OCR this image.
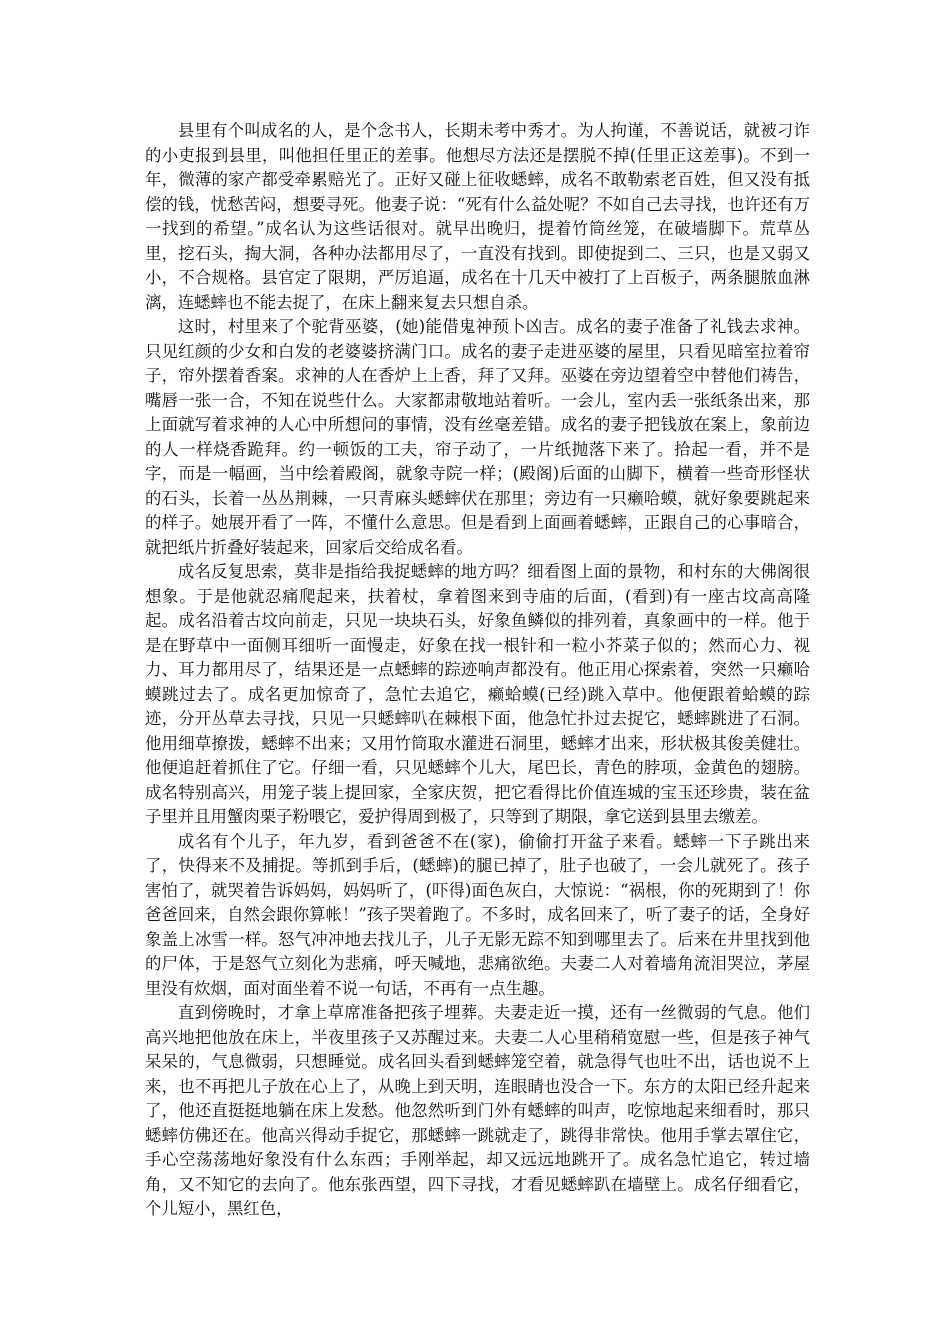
县里有个叫成名的人，是个念书人，长期未考中秀才。为人拘谨，不善说话，就被刁诈的小吏报到县里，叫他担任里正的差事。他想尽方法还是摆脱不掉(任里正这差事)。不到一年，微薄的家产都受牵累赔光了。正好又碰上征收蟋蟀，成名不敢勒索老百姓，但又没有抵偿的钱，忧愁苦闷，想要寻死。他妻子说：“死有什么益处呢？不如自己去寻找，也许还有万一找到的希望。”成名认为这些话很对。就早出晚归，提着竹筒丝笼，在破墙脚下。荒草丛里，挖石头，掏大洞，各种办法都用尽了，一直没有找到。即使捉到二、三只，也是又弱又小，不合规格。县官定了限期，严厉追逼，成名在十几天中被打了上百板子，两条腿脓血淋漓，连蟋蟀也不能去捉了，在床上翻来复去只想自杀。

这时，村里来了个驼背巫婆，(她)能借鬼神预卜凶吉。成名的妻子准备了礼钱去求神。只见红颜的少女和白发的老婆婆挤满门口。成名的妻子走进巫婆的屋里，只看见暗室拉着帘子，帘外摆着香案。求神的人在香炉上上香，拜了又拜。巫婆在旁边望着空中替他们祷告，嘴唇一张一合，不知在说些什么。大家都肃敬地站着听。一会儿，室内丢一张纸条出来，那上面就写着求神的人心中所想问的事情，没有丝毫差错。成名的妻子把钱放在案上，象前边的人一样烧香跪拜。约一顿饭的工夫，帘子动了，一片纸抛落下来了。拾起一看，并不是字，而是一幅画，当中绘着殿阁，就象寺院一样；(殿阁)后面的山脚下，横着一些奇形怪状的石头，长着一丛丛荆棘，一只青麻头蟋蟀伏在那里；旁边有一只癞哈蟆，就好象要跳起来的样子。她展开看了一阵，不懂什么意思。但是看到上面画着蟋蟀，正跟自己的心事暗合，就把纸片折叠好装起来，回家后交给成名看。

成名反复思索，莫非是指给我捉蟋蟀的地方吗？细看图上面的景物，和村东的大佛阁很想象。于是他就忍痛爬起来，扶着杖，拿着图来到寺庙的后面，(看到)有一座古坟高高隆起。成名沿着古坟向前走，只见一块块石头，好象鱼鳞似的排列着，真象画中的一样。他于是在野草中一面侧耳细听一面慢走，好象在找一根针和一粒小芥菜子似的；然而心力、视力、耳力都用尽了，结果还是一点蟋蟀的踪迹响声都没有。他正用心探索着，突然一只癞哈蟆跳过去了。成名更加惊奇了，急忙去追它，癞蛤蟆(已经)跳入草中。他便跟着蛤蟆的踪迹，分开丛草去寻找，只见一只蟋蟀叭在棘根下面，他急忙扑过去捉它，蟋蟀跳进了石洞。他用细草撩拨，蟋蟀不出来；又用竹筒取水灌进石洞里，蟋蟀才出来，形状极其俊美健壮。他便追赶着抓住了它。仔细一看，只见蟋蟀个儿大，尾巴长，青色的脖项，金黄色的翅膀。成名特别高兴，用笼子装上提回家，全家庆贺，把它看得比价值连城的宝玉还珍贵，装在盆子里并且用蟹肉栗子粉喂它，爱护得周到极了，只等到了期限，拿它送到县里去缴差。

成名有个儿子，年九岁，看到爸爸不在(家)，偷偷打开盆子来看。蟋蟀一下子跳出来了，快得来不及捕捉。等抓到手后，(蟋蟀)的腿已掉了，肚子也破了，一会儿就死了。孩子害怕了，就哭着告诉妈妈，妈妈听了，(吓得)面色灰白，大惊说：“祸根，你的死期到了！你爸爸回来，自然会跟你算帐！”孩子哭着跑了。不多时，成名回来了，听了妻子的话，全身好象盖上冰雪一样。怒气冲冲地去找儿子，儿子无影无踪不知到哪里去了。后来在井里找到他的尸体，于是怒气立刻化为悲痛，呼天喊地，悲痛欲绝。夫妻二人对着墙角流泪哭泣，茅屋里没有炊烟，面对面坐着不说一句话，不再有一点生趣。

直到傍晚时，才拿上草席准备把孩子埋葬。夫妻走近一摸，还有一丝微弱的气息。他们高兴地把他放在床上，半夜里孩子又苏醒过来。夫妻二人心里稍稍宽慰一些，但是孩子神气呆呆的，气息微弱，只想睡觉。成名回头看到蟋蟀笼空着，就急得气也吐不出，话也说不上来，也不再把儿子放在心上了，从晚上到天明，连眼睛也没合一下。东方的太阳已经升起来了，他还直挺挺地躺在床上发愁。他忽然听到门外有蟋蟀的叫声，吃惊地起来细看时，那只蟋蟀仿佛还在。他高兴得动手捉它，那蟋蟀一跳就走了，跳得非常快。他用手掌去罩住它，手心空荡荡地好象没有什么东西；手刚举起，却又远远地跳开了。成名急忙追它，转过墙角，又不知它的去向了。他东张西望，四下寻找，才看见蟋蟀趴在墙壁上。成名仔细看它，个儿短小，黑红色，
